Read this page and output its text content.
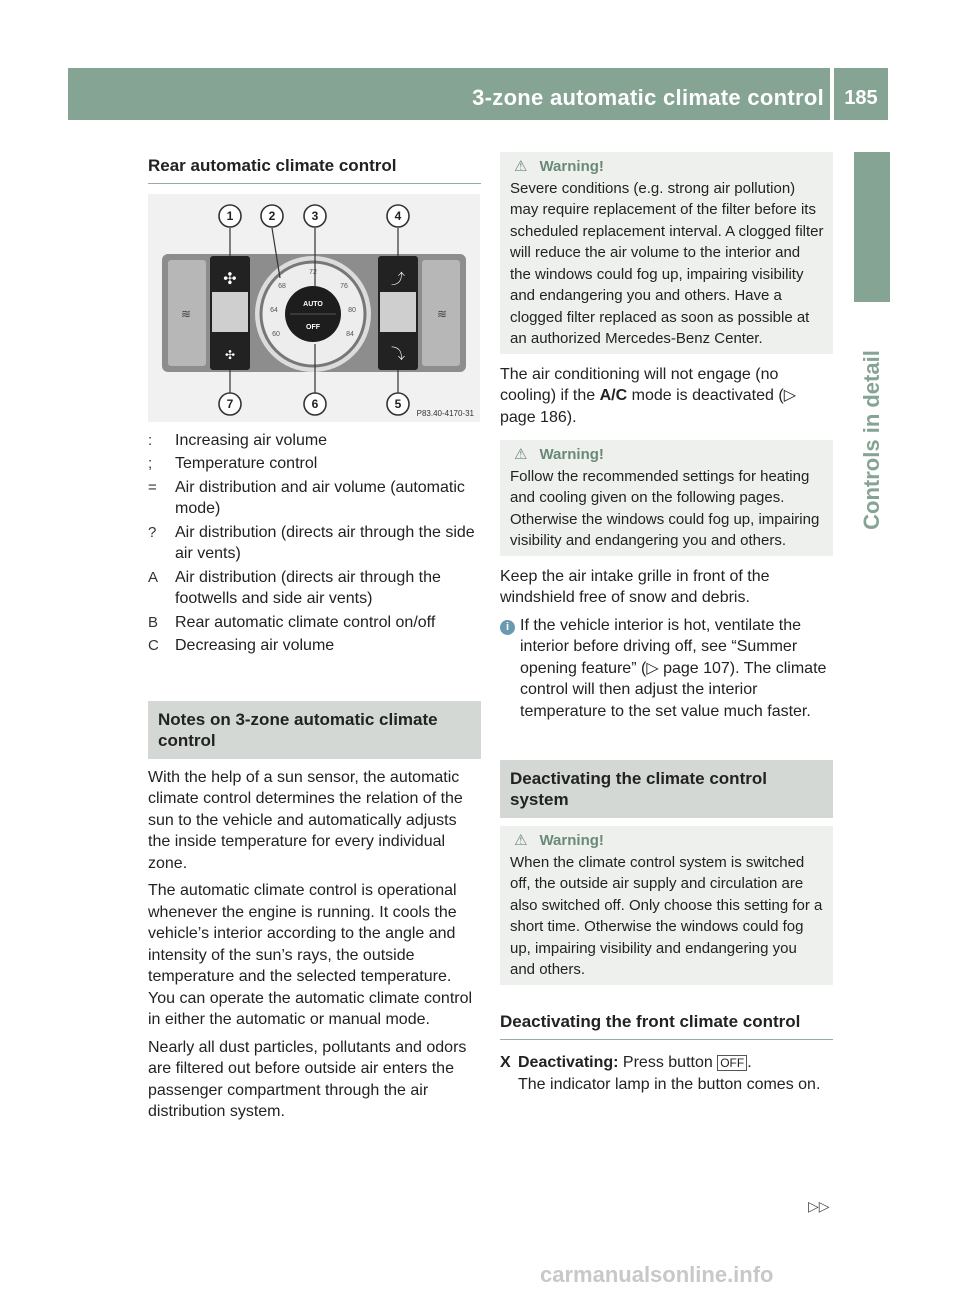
3-zone automatic climate control	185
Controls in detail
Rear automatic climate control
AUTO
OFF
60
64
68
72
76
80
84
✣
✣
⤴
⤵
≋	≋
1	2	3	4
5
6
7
P83.40-4170-31
:	Increasing air volume
;	Temperature control
=	Air distribution and air volume (automatic mode)
?	Air distribution (directs air through the side air vents)
A	Air distribution (directs air through the footwells and side air vents)
B	Rear automatic climate control on/off
C	Decreasing air volume
Notes on 3-zone automatic climate control

With the help of a sun sensor, the automatic climate control determines the relation of the sun to the vehicle and automatically adjusts the inside temperature for every individual zone.

The automatic climate control is operational whenever the engine is running. It cools the vehicle’s interior according to the angle and intensity of the sun’s rays, the outside temperature and the selected temperature. You can operate the automatic climate control in either the automatic or manual mode.

Nearly all dust particles, pollutants and odors are filtered out before outside air enters the passenger compartment through the air distribution system.

⚠ Warning!
Severe conditions (e.g. strong air pollution) may require replacement of the filter before its scheduled replacement interval. A clogged filter will reduce the air volume to the interior and the windows could fog up, impairing visibility and endangering you and others. Have a clogged filter replaced as soon as possible at an authorized Mercedes-Benz Center.

The air conditioning will not engage (no cooling) if the A/C mode is deactivated (▷ page 186).

⚠ Warning!
Follow the recommended settings for heating and cooling given on the following pages. Otherwise the windows could fog up, impairing visibility and endangering you and others.

Keep the air intake grille in front of the windshield free of snow and debris.

i If the vehicle interior is hot, ventilate the interior before driving off, see “Summer opening feature” (▷ page 107). The climate control will then adjust the interior temperature to the set value much faster.
Deactivating the climate control system
⚠ Warning!
When the climate control system is switched off, the outside air supply and circulation are also switched off. Only choose this setting for a short time. Otherwise the windows could fog up, impairing visibility and endangering you and others.
Deactivating the front climate control
X Deactivating: Press button OFF .
The indicator lamp in the button comes on.
▷▷
carmanualsonline.info
